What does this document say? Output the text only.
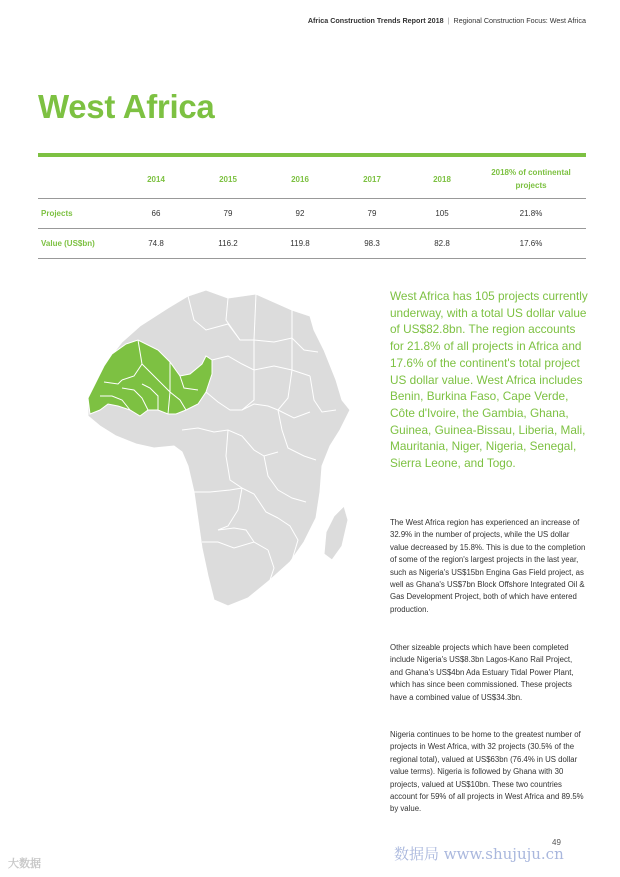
Africa Construction Trends Report 2018 | Regional Construction Focus: West Africa
West Africa
	2014	2015	2016	2017	2018	2018% of continental projects
Projects	66	79	92	79	105	21.8%
Value (US$bn)	74.8	116.2	119.8	98.3	82.8	17.6%

West Africa has 105 projects currently underway, with a total US dollar value of US$82.8bn. The region accounts for 21.8% of all projects in Africa and 17.6% of the continent's total project US dollar value. West Africa includes Benin, Burkina Faso, Cape Verde, Côte d'Ivoire, the Gambia, Ghana, Guinea, Guinea-Bissau, Liberia, Mali, Mauritania, Niger, Nigeria, Senegal, Sierra Leone, and Togo.

The West Africa region has experienced an increase of 32.9% in the number of projects, while the US dollar value decreased by 15.8%. This is due to the completion of some of the region's largest projects in the last year, such as Nigeria's US$15bn Engina Gas Field project, as well as Ghana's US$7bn Block Offshore Integrated Oil & Gas Development Project, both of which have entered production.

Other sizeable projects which have been completed include Nigeria's US$8.3bn Lagos-Kano Rail Project, and Ghana's US$4bn Ada Estuary Tidal Power Plant, which has since been commissioned. These projects have a combined value of US$34.3bn.

Nigeria continues to be home to the greatest number of projects in West Africa, with 32 projects (30.5% of the regional total), valued at US$63bn (76.4% in US dollar value terms). Nigeria is followed by Ghana with 30 projects, valued at US$10bn. These two countries account for 59% of all projects in West Africa and 89.5% by value.

49
大数据
数据局 www.shujuju.cn
